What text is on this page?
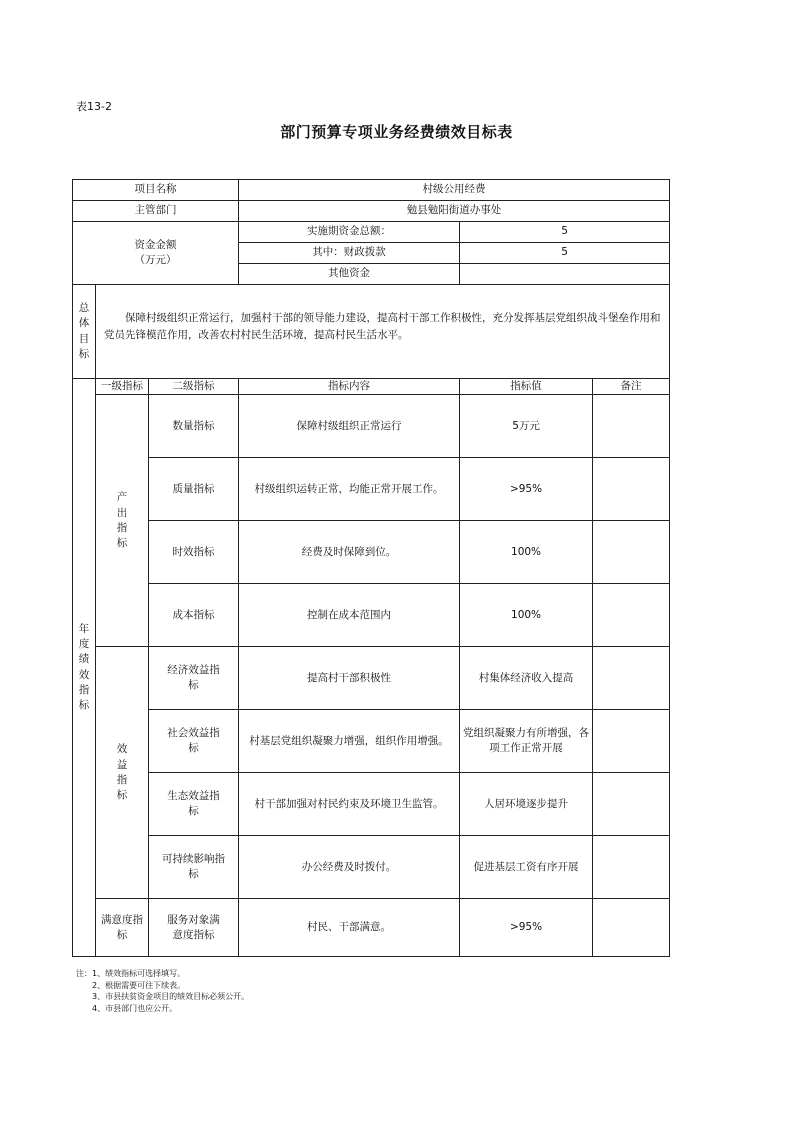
表13-2
部门预算专项业务经费绩效目标表
项目名称			村级公用经费		
主管部门			勉县勉阳街道办事处		

资金金额
（万元）			实施期资金总额：	5	
			其中：财政拨款	5	
			其他资金		
总体目标	保障村级组织正常运行，加强村干部的领导能力建设，提高村干部工作积极性，充分发挥基层党组织战斗堡垒作用和党员先锋模范作用，改善农村村民生活环境，提高村民生活水平。				
年度绩效指标	一级指标	二级指标	指标内容	指标值	备注
	产出指标	数量指标	保障村级组织正常运行	5万元	
		质量指标	村级组织运转正常，均能正常开展工作。	>95%	
		时效指标	经费及时保障到位。	100%	
		成本指标	控制在成本范围内	100%	
	效益指标	经济效益指标	提高村干部积极性	村集体经济收入提高	
		社会效益指标	村基层党组织凝聚力增强，组织作用增强。	党组织凝聚力有所增强，各项工作正常开展	
		生态效益指标	村干部加强对村民约束及环境卫生监管。	人居环境逐步提升	
		可持续影响指标	办公经费及时拨付。	促进基层工资有序开展	
	满意度指标	服务对象满意度指标	村民、干部满意。	>95%	
注：1、绩效指标可选择填写。
2、根据需要可往下续表。
3、市县扶贫资金项目的绩效目标必须公开。
4、市县部门也应公开。
